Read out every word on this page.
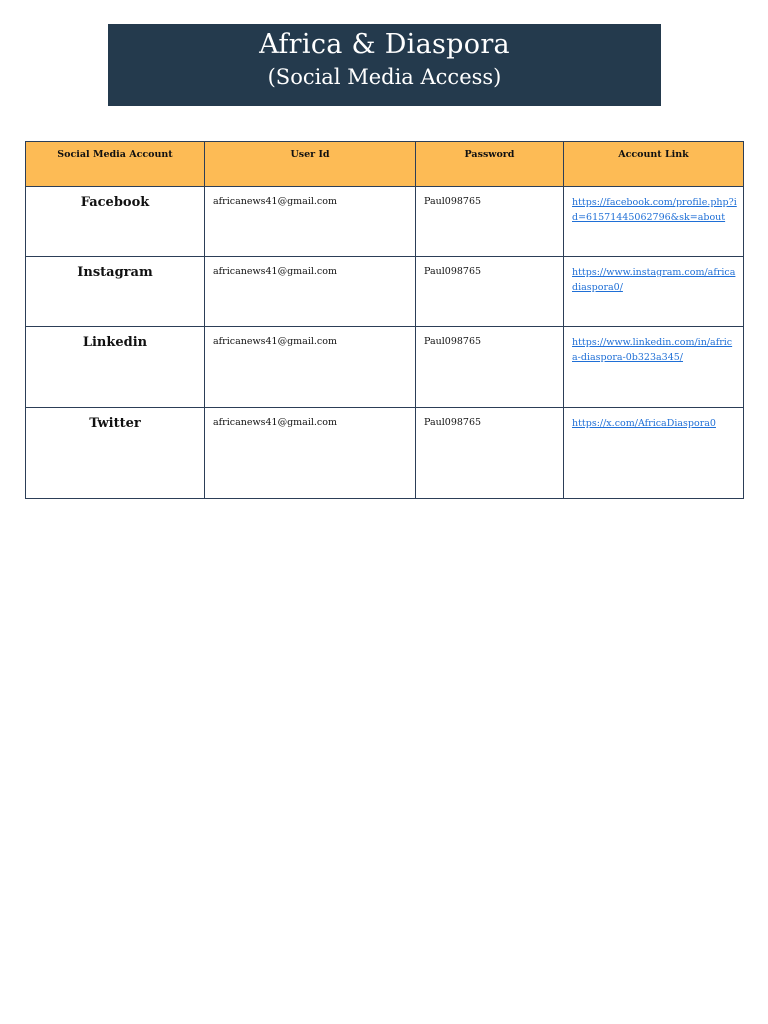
Africa & Diaspora
(Social Media Access)
Social Media Account	User Id	Password	Account Link
Facebook	africanews41@gmail.com	Paul098765	https://facebook.com/profile.php?id=61571445062796&sk=about
Instagram	africanews41@gmail.com	Paul098765	https://www.instagram.com/africadiaspora0/
Linkedin	africanews41@gmail.com	Paul098765	https://www.linkedin.com/in/africa-diaspora-0b323a345/
Twitter	africanews41@gmail.com	Paul098765	https://x.com/AfricaDiaspora0
